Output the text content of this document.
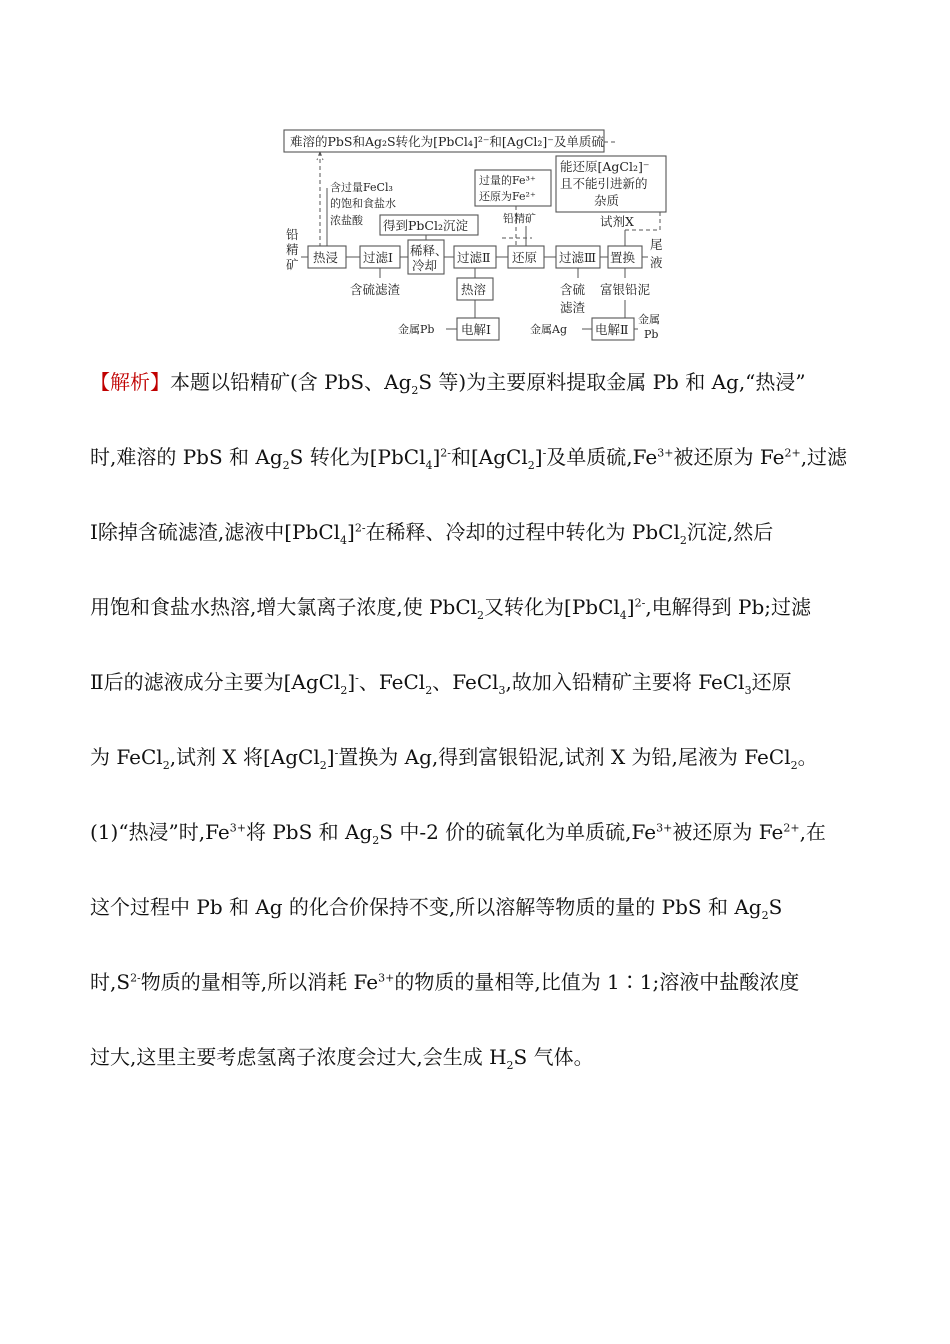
难溶的PbS和Ag₂S转化为[PbCl₄]²⁻和[AgCl₂]⁻及单质硫
含过量FeCl₃
的饱和食盐水
浓盐酸
铅
精
矿 热浸 过滤Ⅰ 稀释、
冷却
过滤Ⅱ 还原 过滤Ⅲ 置换
尾
液
得到PbCl₂沉淀
过量的Fe³⁺
还原为Fe²⁺
铅精矿
能还原[AgCl₂]⁻
且不能引进新的
杂质
试剂X
含硫滤渣	热溶
电解Ⅰ
金属Pb
含硫
滤渣
富银铅泥
电解Ⅱ
金属Ag
金属
Pb
【解析】本题以铅精矿(含 PbS、$Ag_2S$ 等)为主要原料提取金属 Pb 和 Ag,“热浸”
时,难溶的 PbS 和 $Ag_2S$ 转化为[PbCl$_4$]$^{2-}$和[AgCl$_2$]-及单质硫$,Fe^{3+}$被还原为 $Fe^{2+}$,过滤
Ⅰ除掉含硫滤渣,滤液中[PbCl$_4$]$^{2-}$在稀释、冷却的过程中转化为 PbCl$_2$沉淀,然后
用饱和食盐水热溶,增大氯离子浓度,使 PbCl$_2$又转化为[PbCl$_4$]$^{2-}$,电解得到 Pb;过滤
Ⅱ后的滤液成分主要为[AgCl$_2$]-、FeCl$_2$、FeCl$_3$,故加入铅精矿主要将 FeCl$_3$还原
为 FeCl$_2$,试剂 X 将[AgCl$_2$]-置换为 Ag,得到富银铅泥,试剂 X 为铅,尾液为 FeCl$_2$。
(1)“热浸”时$,Fe^{3+}$将 PbS 和 $Ag_2S$ 中-2 价的硫氧化为单质硫$,Fe^{3+}$被还原为 $Fe^{2+}$,在
这个过程中 Pb 和 Ag 的化合价保持不变,所以溶解等物质的量的 PbS 和 $Ag_2S$
时$,S^{2-}$物质的量相等,所以消耗 $Fe^{3+}$的物质的量相等,比值为 1∶1;溶液中盐酸浓度
过大,这里主要考虑氢离子浓度会过大,会生成 $H_2S$ 气体。
